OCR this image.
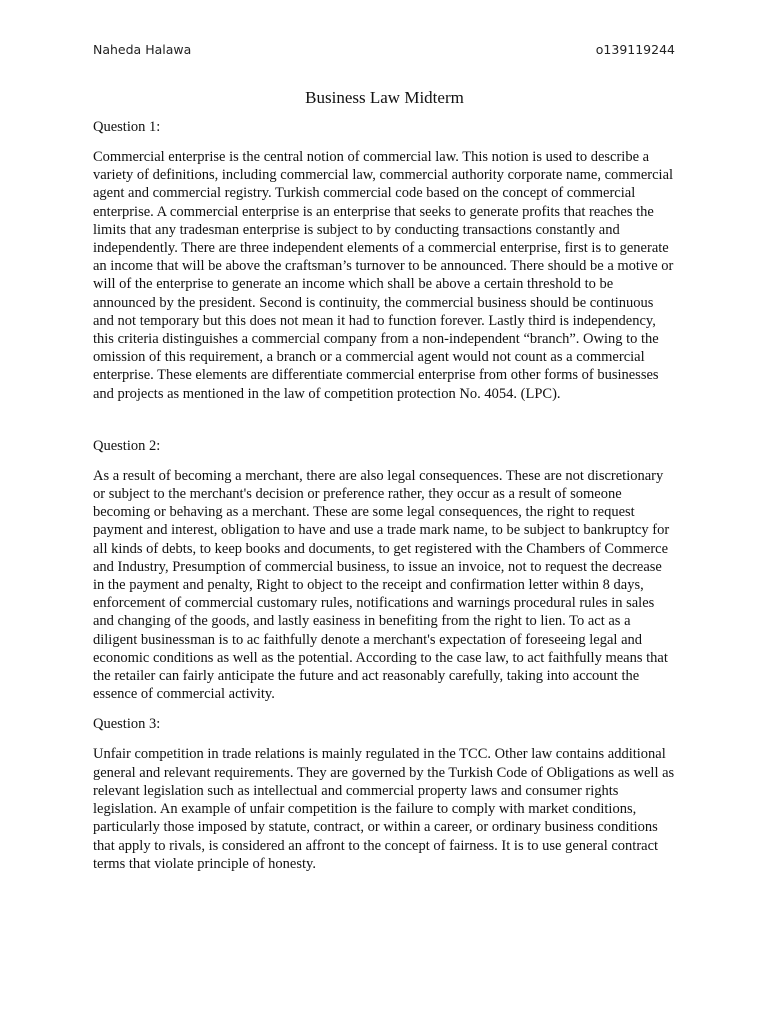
Naheda Halawa	o139119244
Business Law Midterm

Question 1:

Commercial enterprise is the central notion of commercial law. This notion is used to describe a variety of definitions, including commercial law, commercial authority corporate name, commercial agent and commercial registry. Turkish commercial code based on the concept of commercial enterprise. A commercial enterprise is an enterprise that seeks to generate profits that reaches the limits that any tradesman enterprise is subject to by conducting transactions constantly and independently. There are three independent elements of a commercial enterprise, first is to generate an income that will be above the craftsman’s turnover to be announced. There should be a motive or will of the enterprise to generate an income which shall be above a certain threshold to be announced by the president. Second is continuity, the commercial business should be continuous and not temporary but this does not mean it had to function forever. Lastly third is independency, this criteria distinguishes a commercial company from a non-independent “branch”. Owing to the omission of this requirement, a branch or a commercial agent would not count as a commercial enterprise. These elements are differentiate commercial enterprise from other forms of businesses and projects as mentioned in the law of competition protection No. 4054. (LPC).

Question 2:

As a result of becoming a merchant, there are also legal consequences. These are not discretionary or subject to the merchant's decision or preference rather, they occur as a result of someone becoming or behaving as a merchant. These are some legal consequences, the right to request payment and interest, obligation to have and use a trade mark name, to be subject to bankruptcy for all kinds of debts, to keep books and documents, to get registered with the Chambers of Commerce and Industry, Presumption of commercial business, to issue an invoice, not to request the decrease in the payment and penalty, Right to object to the receipt and confirmation letter within 8 days, enforcement of commercial customary rules, notifications and warnings procedural rules in sales and changing of the goods, and lastly easiness in benefiting from the right to lien. To act as a diligent businessman is to ac faithfully denote a merchant's expectation of foreseeing legal and economic conditions as well as the potential. According to the case law, to act faithfully means that the retailer can fairly anticipate the future and act reasonably carefully, taking into account the essence of commercial activity.

Question 3:

Unfair competition in trade relations is mainly regulated in the TCC. Other law contains additional general and relevant requirements. They are governed by the Turkish Code of Obligations as well as relevant legislation such as intellectual and commercial property laws and consumer rights legislation. An example of unfair competition is the failure to comply with market conditions, particularly those imposed by statute, contract, or within a career, or ordinary business conditions that apply to rivals, is considered an affront to the concept of fairness. It is to use general contract terms that violate principle of honesty.
